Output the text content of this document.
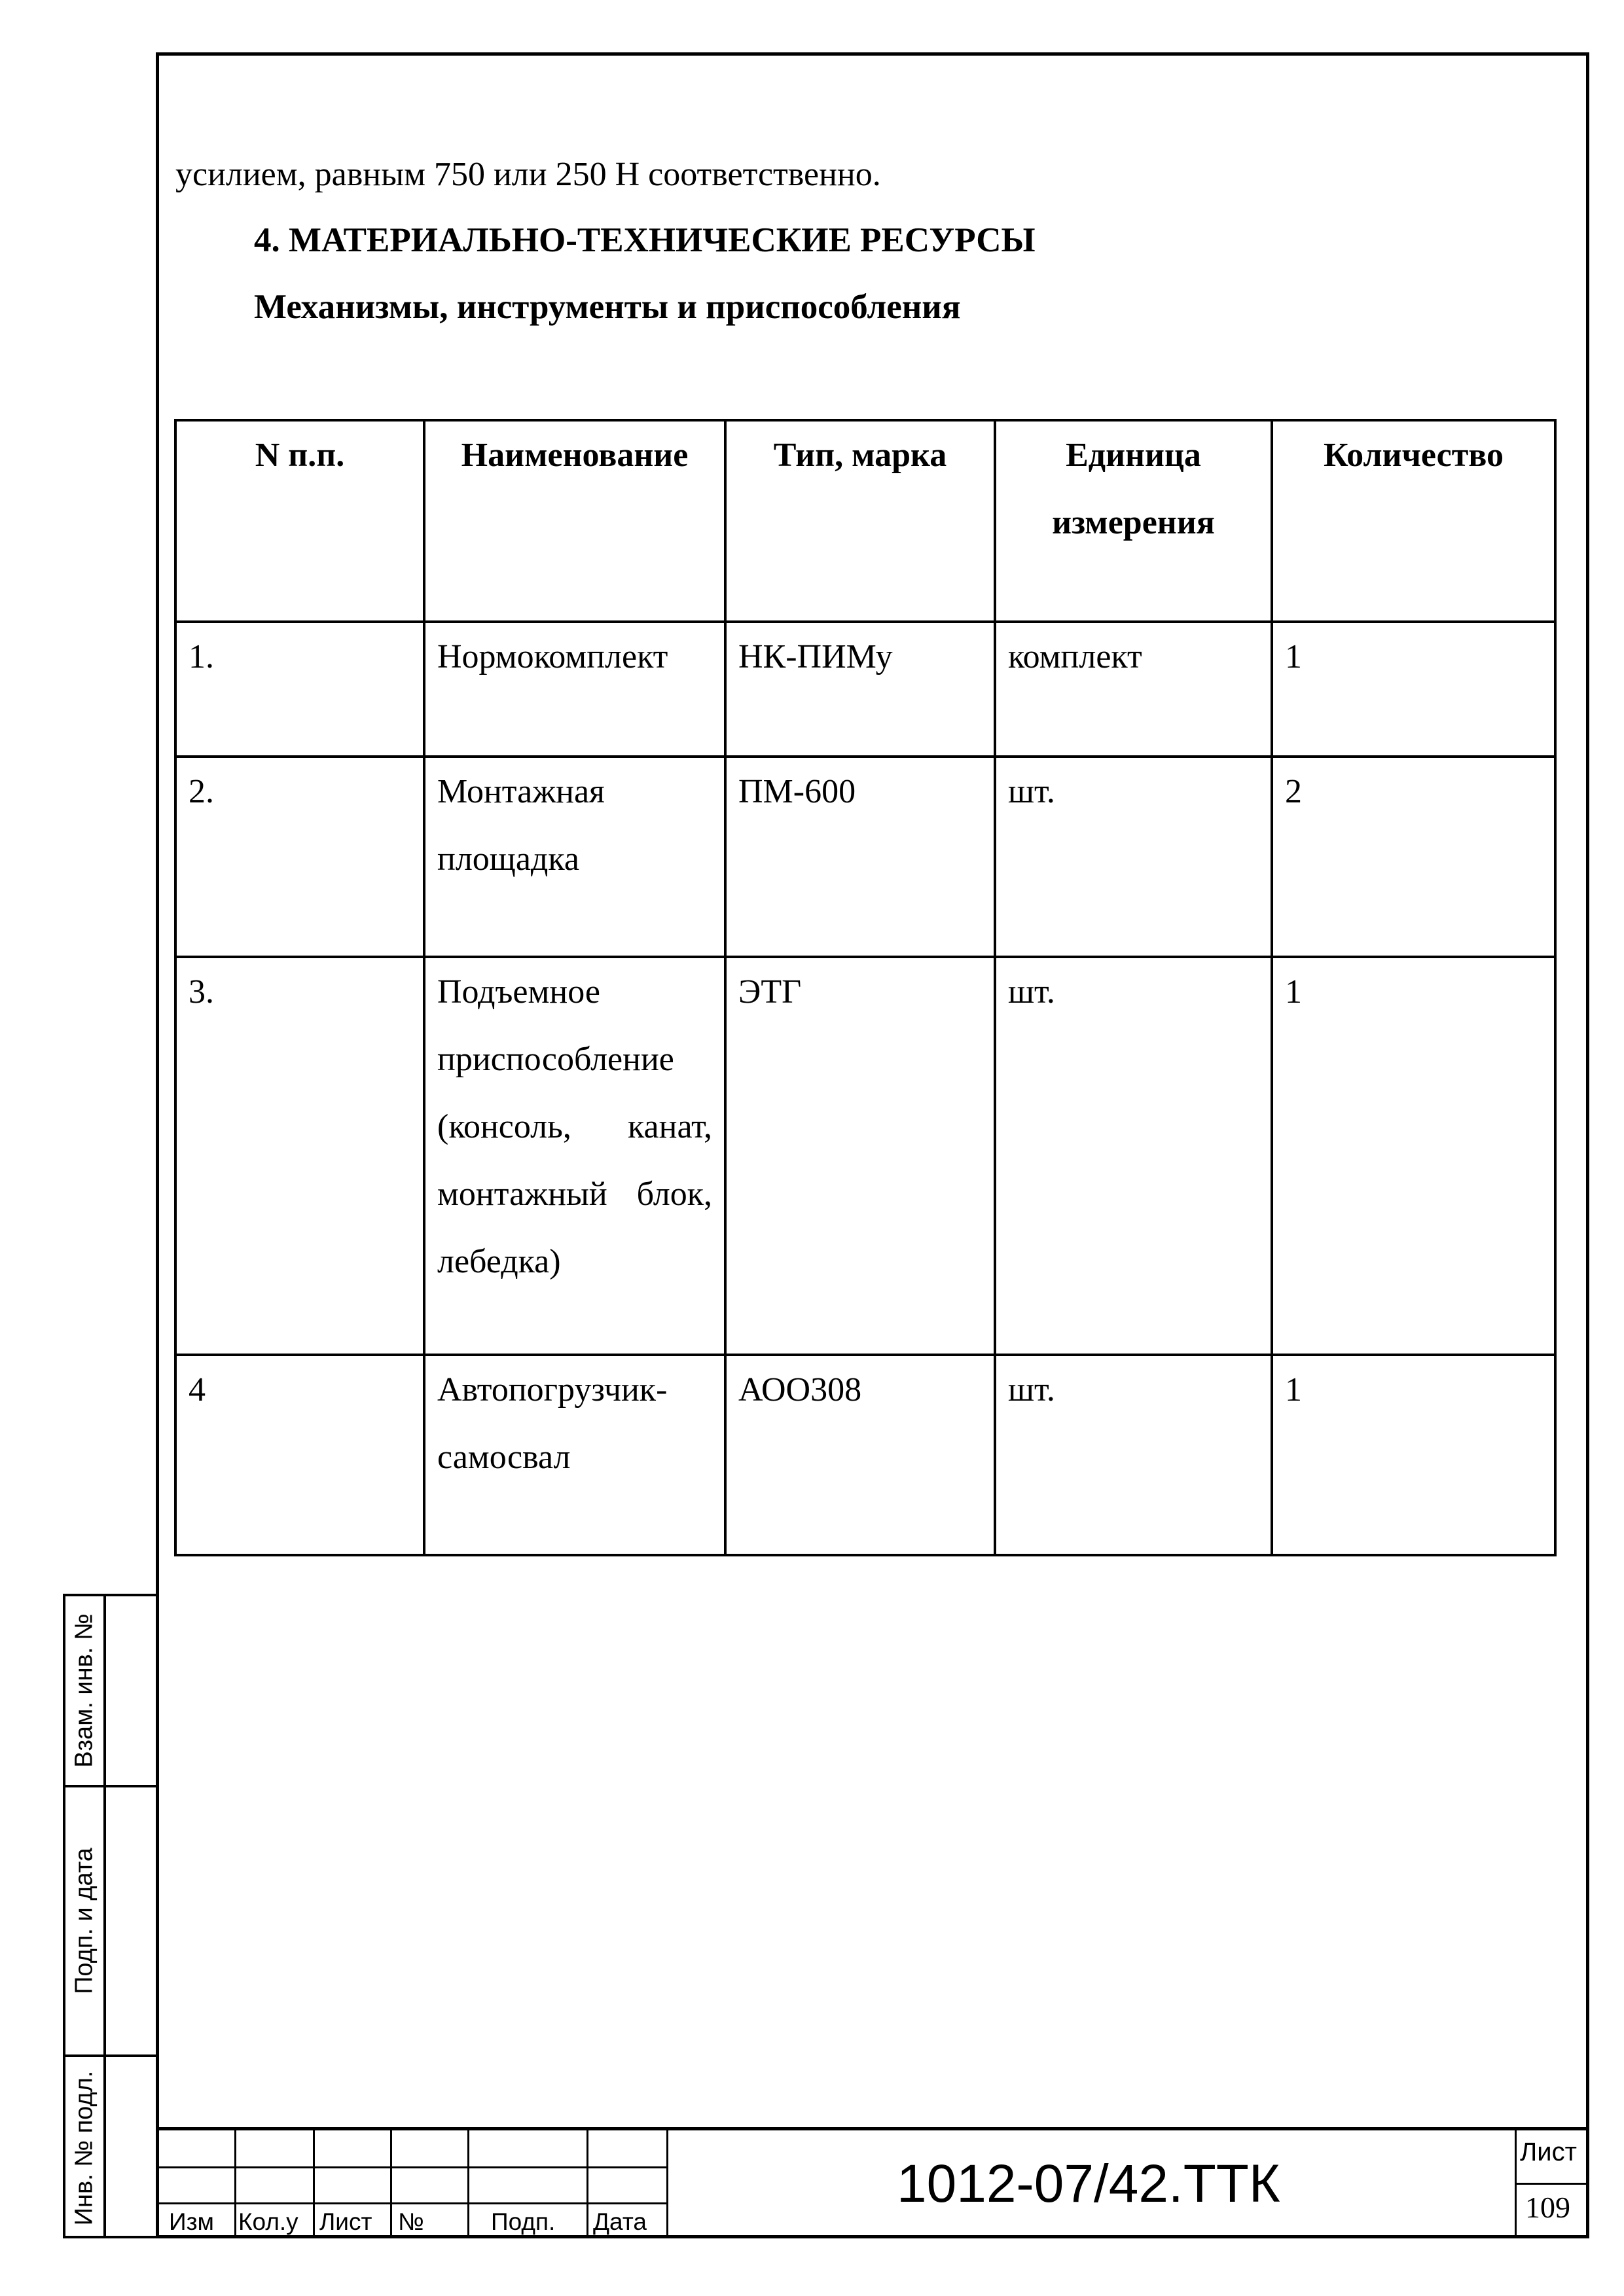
усилием, равным 750 или 250 Н соответственно.
4. МАТЕРИАЛЬНО-ТЕХНИЧЕСКИЕ РЕСУРСЫ
Механизмы, инструменты и приспособления
N п.п.	Наименование	Тип, марка	Единица измерения	Количество
1.	Нормокомплект	НК-ПИМу	комплект	1
2.	Монтажная площадка	ПМ-600	шт.	2
3.	Подъемное приспособление (консоль, канат, монтажный блок, лебедка)	ЭТГ	шт.	1
4	Автопогрузчик-самосвал	АОО308	шт.	1
Взам. инв. №
Подп. и дата
Инв. № подл.	Изм Кол.у Лист №	Подп. Дата
1012-07/42.ТТК
Лист
109
